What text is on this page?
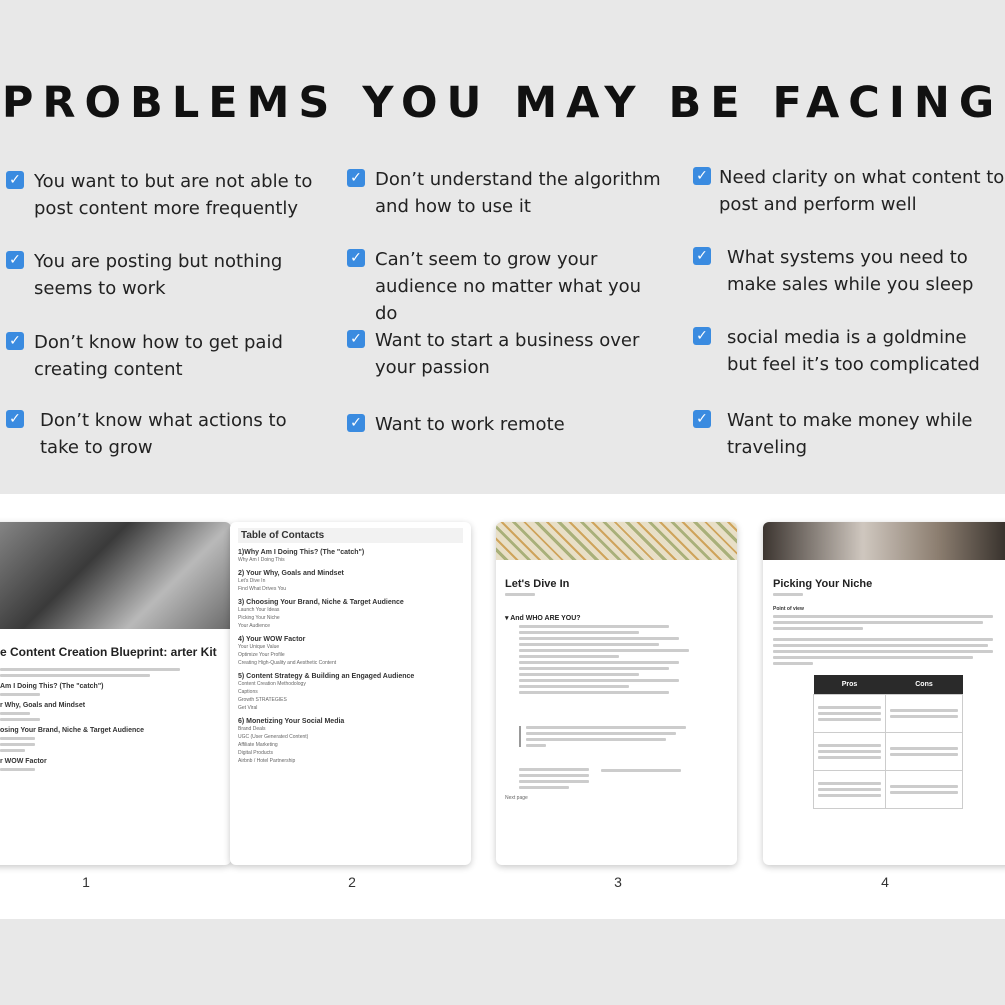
PROBLEMS YOU MAY BE FACING
✓ You want to but are not able to post content more frequently
✓ You are posting but nothing seems to work
✓ Don’t know how to get paid creating content
✓ Don’t know what actions to take to grow
✓ Don’t understand the algorithm and how to use it
✓ Can’t seem to grow your audience no matter what you do
✓ Want to start a business over your passion
✓ Want to work remote
✓ Need clarity on what content to post and perform well
✓ What systems you need to make sales while you sleep
✓ social media is a goldmine but feel it’s too complicated
✓ Want to make money while traveling
e Content Creation Blueprint: arter Kit
Am I Doing This? (The "catch")
r Why, Goals and Mindset
osing Your Brand, Niche & Target Audience
r WOW Factor
Table of Contacts
1)Why Am I Doing This? (The "catch")
Why Am I Doing This
2) Your Why, Goals and Mindset
Let's Dive In
Find What Drives You
3) Choosing Your Brand, Niche & Target Audience
Launch Your Ideas
Picking Your Niche
Your Audience
4) Your WOW Factor
Your Unique Value
Optimize Your Profile
Creating High-Quality and Aesthetic Content
5) Content Strategy & Building an Engaged Audience
Content Creation Methodology
Captions
Growth STRATEGIES
Get Viral
6) Monetizing Your Social Media
Brand Deals
UGC (User Generated Content)
Affiliate Marketing
Digital Products
Airbnb / Hotel Partnership
Let's Dive In
▾ And WHO ARE YOU?
Next page
Picking Your Niche
Point of view
Pros	Cons

1	2	3	4
